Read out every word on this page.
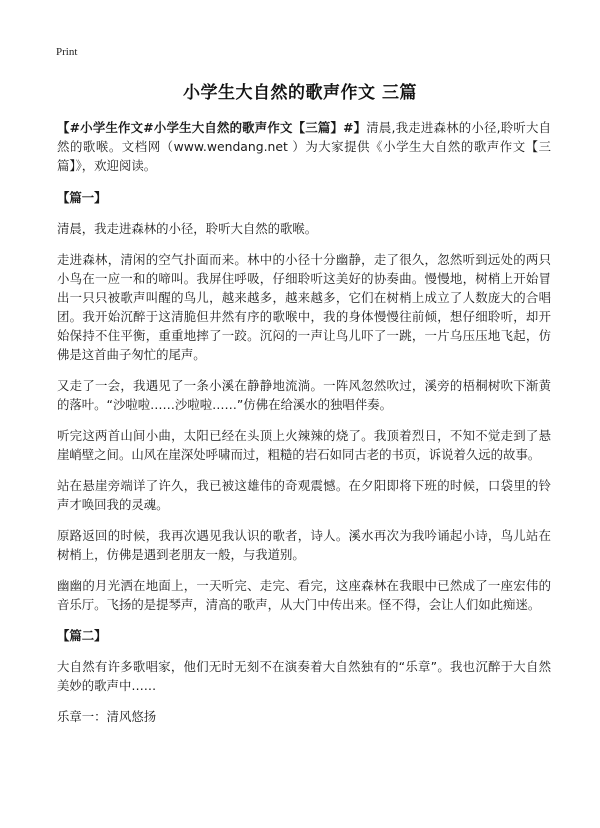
Print
小学生大自然的歌声作文 三篇

【#小学生作文#小学生大自然的歌声作文【三篇】#】清晨,我走进森林的小径,聆听大自然的歌喉。文档网（www.wendang.net ）为大家提供《小学生大自然的歌声作文【三篇】》，欢迎阅读。

【篇一】

清晨，我走进森林的小径，聆听大自然的歌喉。

走进森林，清闲的空气扑面而来。林中的小径十分幽静，走了很久，忽然听到远处的两只小鸟在一应一和的啼叫。我屏住呼吸，仔细聆听这美好的协奏曲。慢慢地，树梢上开始冒出一只只被歌声叫醒的鸟儿，越来越多，越来越多，它们在树梢上成立了人数庞大的合唱团。我开始沉醉于这清脆但井然有序的歌喉中，我的身体慢慢往前倾，想仔细聆听，却开始保持不住平衡，重重地摔了一跤。沉闷的一声让鸟儿吓了一跳，一片乌压压地飞起，仿佛是这首曲子匆忙的尾声。

又走了一会，我遇见了一条小溪在静静地流淌。一阵风忽然吹过，溪旁的梧桐树吹下渐黄的落叶。“沙啦啦……沙啦啦……”仿佛在给溪水的独唱伴奏。

听完这两首山间小曲，太阳已经在头顶上火辣辣的烧了。我顶着烈日，不知不觉走到了悬崖峭壁之间。山风在崖深处呼啸而过，粗糙的岩石如同古老的书页，诉说着久远的故事。

站在悬崖旁端详了许久，我已被这雄伟的奇观震憾。在夕阳即将下班的时候，口袋里的铃声才唤回我的灵魂。

原路返回的时候，我再次遇见我认识的歌者，诗人。溪水再次为我吟诵起小诗，鸟儿站在树梢上，仿佛是遇到老朋友一般，与我道别。

幽幽的月光洒在地面上，一天听完、走完、看完，这座森林在我眼中已然成了一座宏伟的音乐厅。飞扬的是提琴声，清高的歌声，从大门中传出来。怪不得，会让人们如此痴迷。

【篇二】

大自然有许多歌唱家，他们无时无刻不在演奏着大自然独有的“乐章”。我也沉醉于大自然美妙的歌声中……

乐章一：清风悠扬
